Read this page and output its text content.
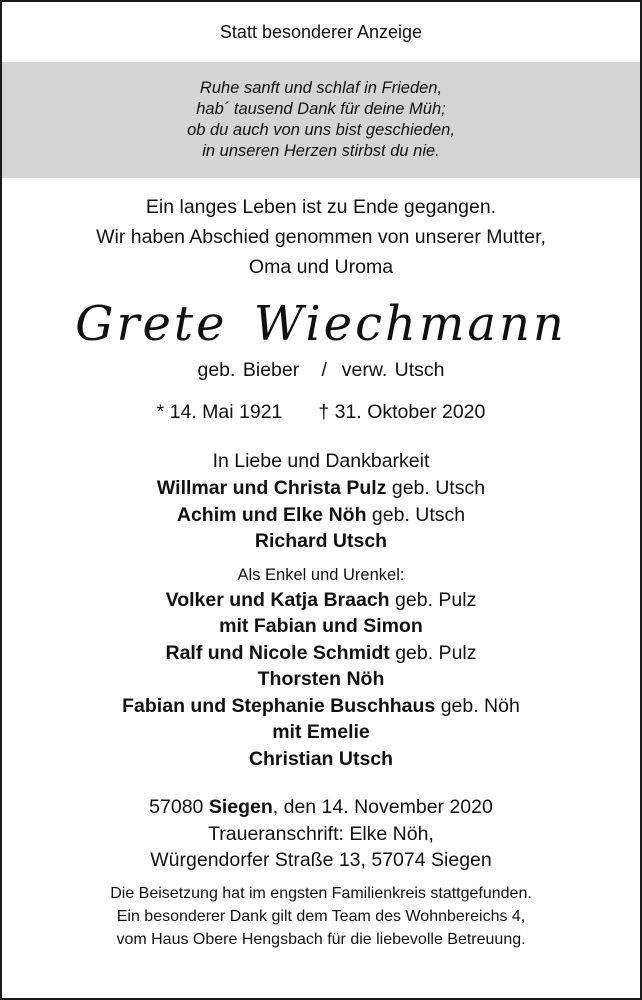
Statt besonderer Anzeige
Ruhe sanft und schlaf in Frieden,
hab´ tausend Dank für deine Müh;
ob du auch von uns bist geschieden,
in unseren Herzen stirbst du nie.
Ein langes Leben ist zu Ende gegangen.
Wir haben Abschied genommen von unserer Mutter,
Oma und Uroma
Grete Wiechmann
geb. Bieber   /  verw. Utsch
* 14. Mai 1921 † 31. Oktober 2020
In Liebe und Dankbarkeit
Willmar und Christa Pulz geb. Utsch
Achim und Elke Nöh geb. Utsch
Richard Utsch
Als Enkel und Urenkel:
Volker und Katja Braach geb. Pulz
mit Fabian und Simon
Ralf und Nicole Schmidt geb. Pulz
Thorsten Nöh
Fabian und Stephanie Buschhaus geb. Nöh
mit Emelie
Christian Utsch
57080 Siegen, den 14. November 2020
Traueranschrift: Elke Nöh,
Würgendorfer Straße 13, 57074 Siegen
Die Beisetzung hat im engsten Familienkreis stattgefunden.
Ein besonderer Dank gilt dem Team des Wohnbereichs 4,
vom Haus Obere Hengsbach für die liebevolle Betreuung.
